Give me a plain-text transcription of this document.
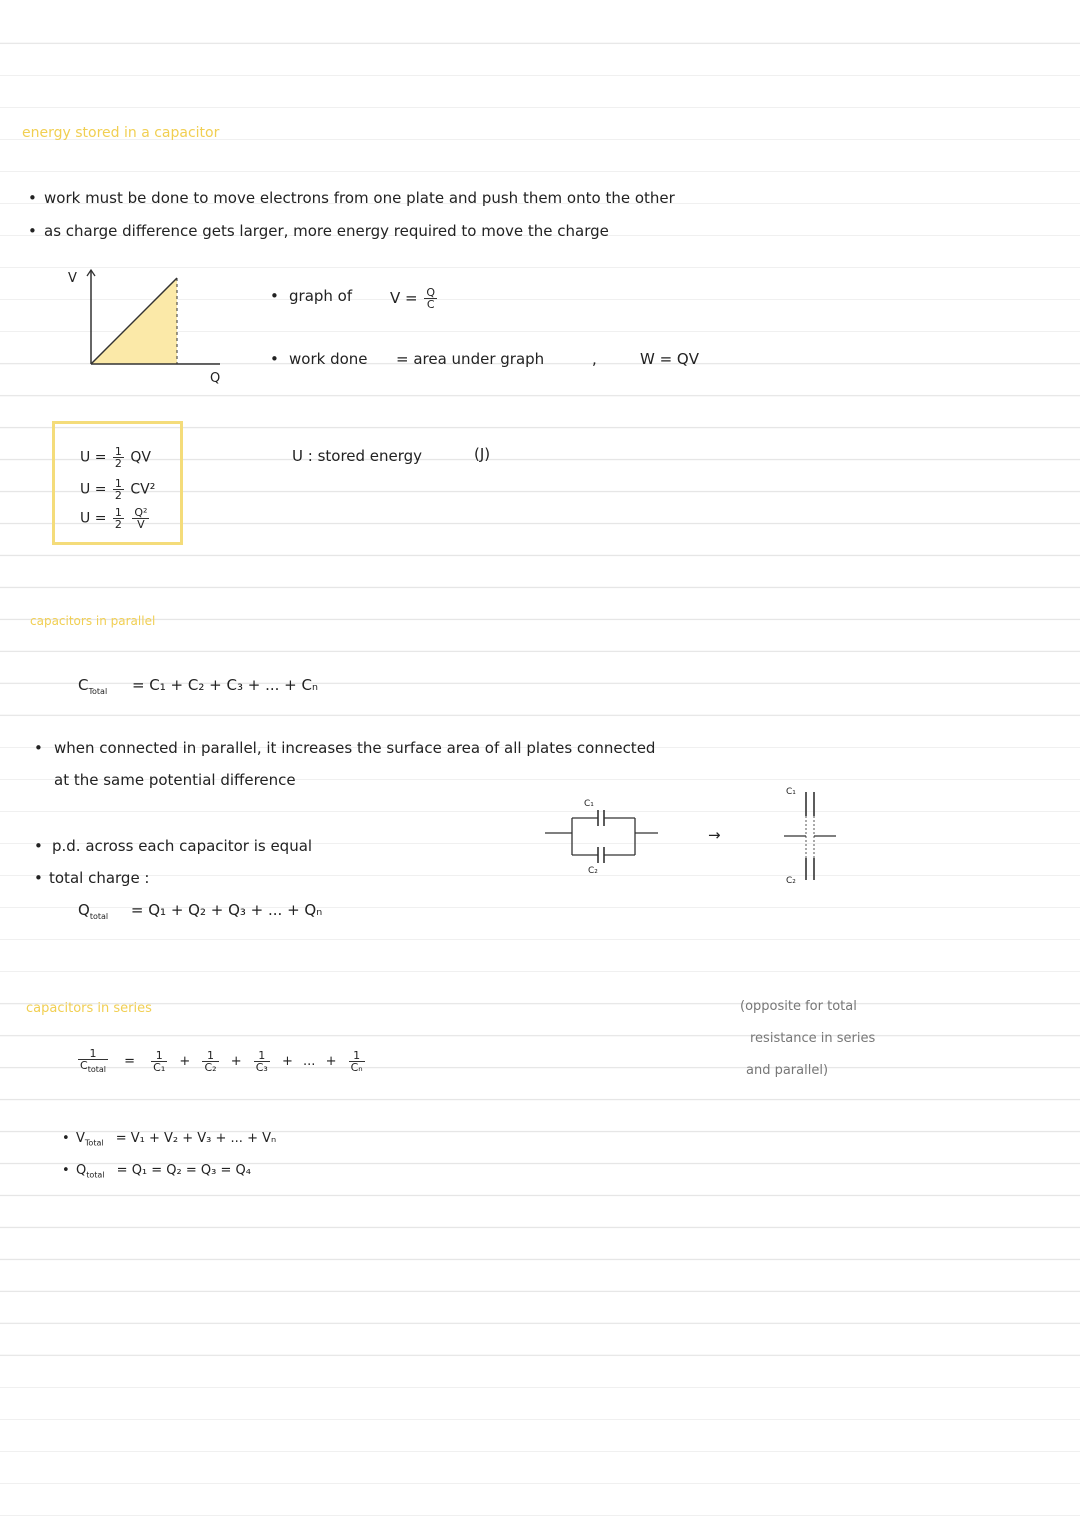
energy stored in a capacitor
• work must be done to move electrons from one plate and push them onto the other
• as charge difference gets larger, more energy required to move the charge
V
Q
• graph of	$V = \frac{Q}{C}$
• work done = area under graph	,	W = QV
$U = \frac{1}{2}$ QV
$U = \frac{1}{2} CV^2$
$U = \frac{1}{2}$
$\frac{\text{Q²}}{V}$
U : stored energy	(J)
capacitors in parallel
$C_{Total} = C_1 + C_2 + C_3$ + ... + Cₙ
• when connected in parallel, it increases the surface area of all plates connected
at the same potential difference
• p.d. across each capacitor is equal
• total charge :
$Q_{total} = Q_1 + Q_2 + Q_3$ + ... + Qₙ
C₁
C₂
→
C₁
C₂
capacitors in series
$\frac{1}{C_{total}} = \frac{1}{\text{C₁}} + \frac{1}{\text{C₂}} + \frac{1}{\text{C₃}}$ + ... + $\frac{1}{\text{Cₙ}}$
• $V_{Total} = V_1 + V_2 + V_3$ + ... + Vₙ
• $Q_{total} = Q_1 = Q_2 = Q_3 = Q_4$
(opposite for total
resistance in series
and parallel)
